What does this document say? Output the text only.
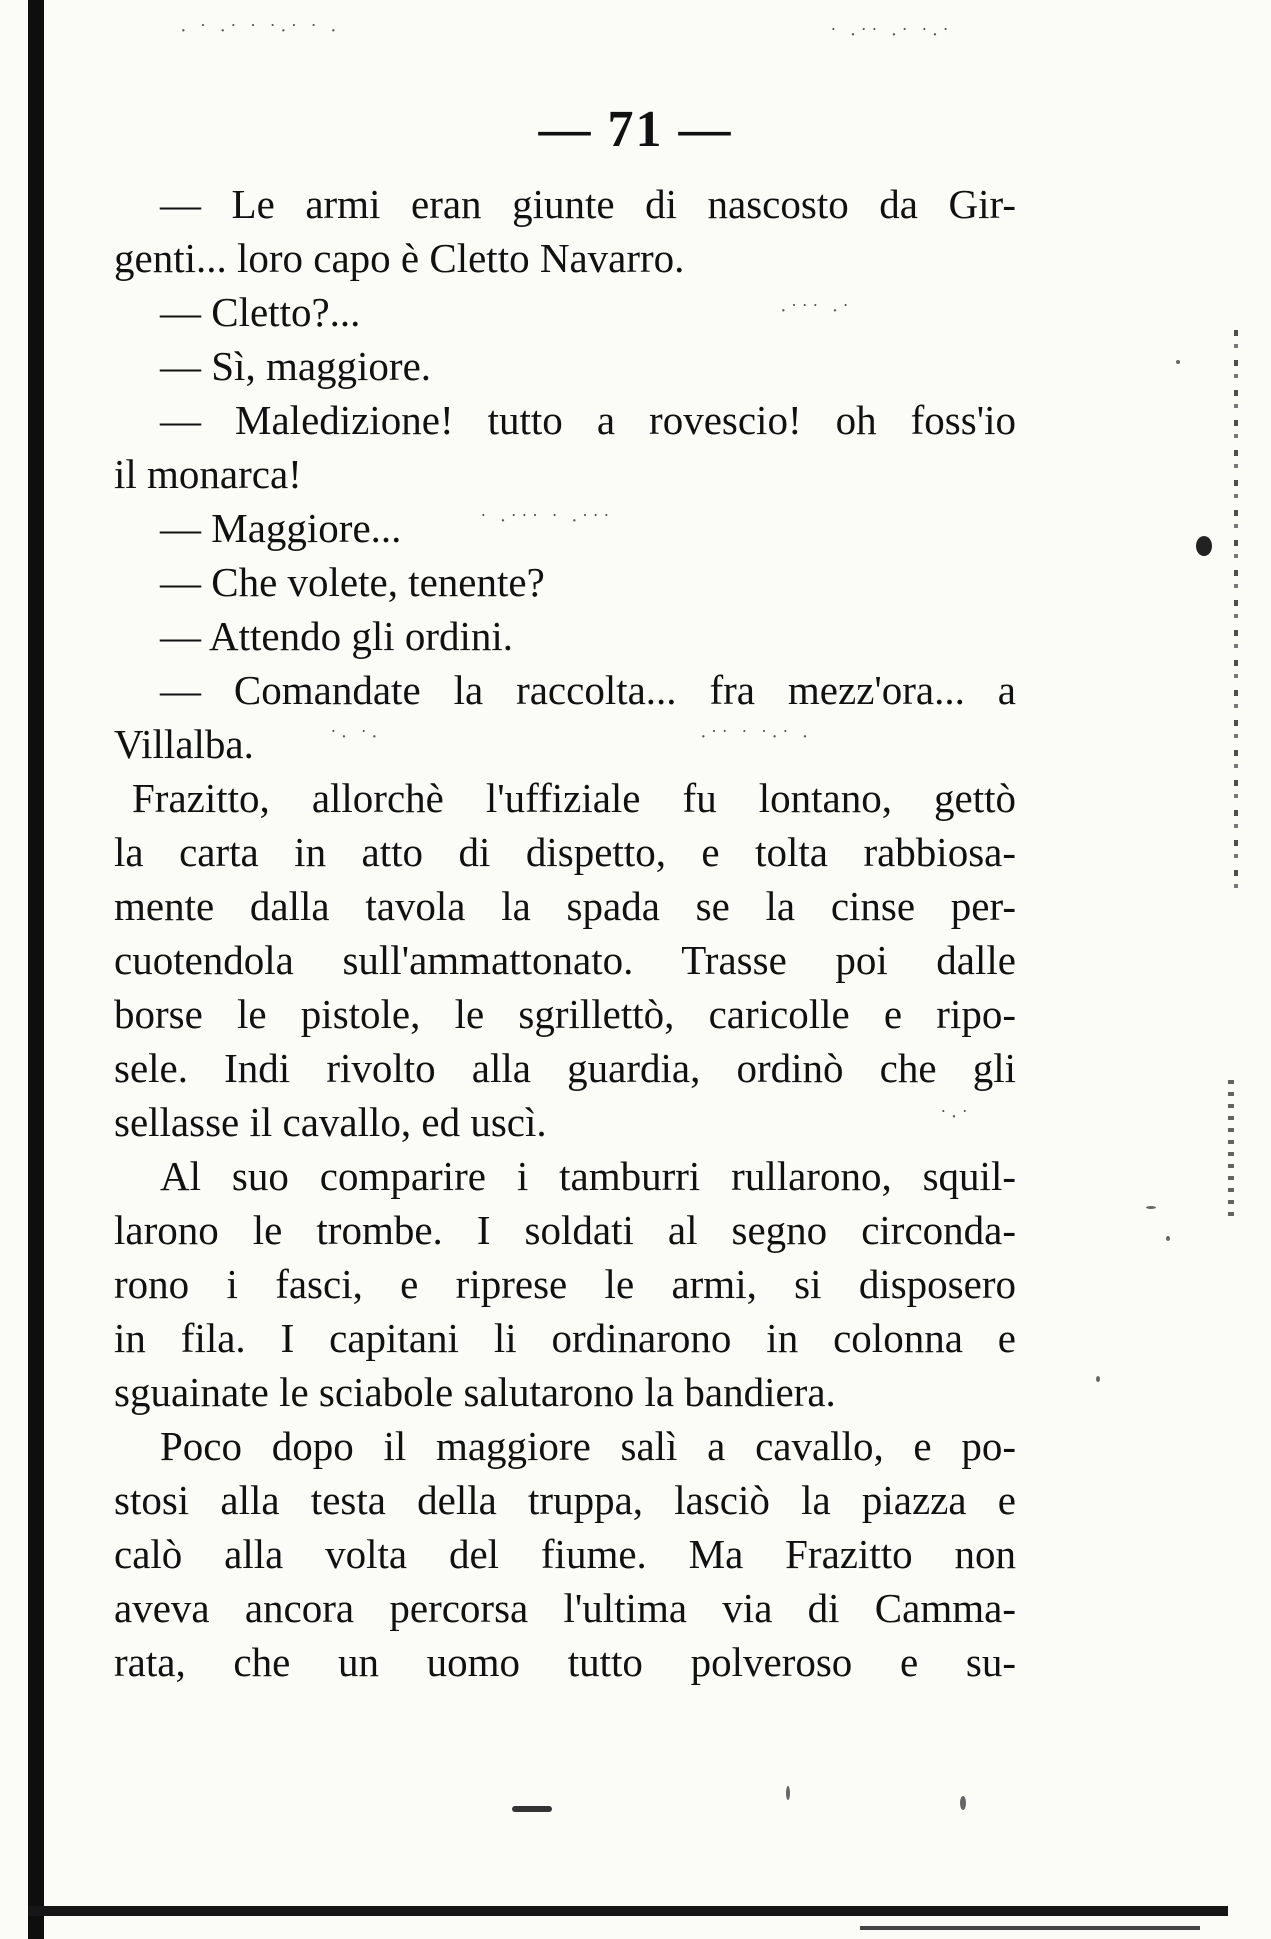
· ˙ ·˙ ˙ ˙·˙ ˙ ·	˙ ·˙˙ ·˙ ˙·˙
·˙˙˙ ·˙
˙ ·˙˙˙ ˙ ·˙˙˙
˙· ˙·	·˙˙ ˙ ˙·˙ ·
˙·˙
— 71 —
— Le armi eran giunte di nascosto da Gir-
genti... loro capo è Cletto Navarro.
— Cletto?...
— Sì, maggiore.
— Maledizione! tutto a rovescio! oh foss'io
il monarca!
— Maggiore...
— Che volete, tenente?
— Attendo gli ordini.
— Comandate la raccolta... fra mezz'ora... a
Villalba.
Frazitto, allorchè l'uffiziale fu lontano, gettò
la carta in atto di dispetto, e tolta rabbiosa-
mente dalla tavola la spada se la cinse per-
cuotendola sull'ammattonato. Trasse poi dalle
borse le pistole, le sgrillettò, caricolle e ripo-
sele. Indi rivolto alla guardia, ordinò che gli
sellasse il cavallo, ed uscì.
Al suo comparire i tamburri rullarono, squil-
larono le trombe. I soldati al segno circonda-
rono i fasci, e riprese le armi, si disposero
in fila. I capitani li ordinarono in colonna e
sguainate le sciabole salutarono la bandiera.
Poco dopo il maggiore salì a cavallo, e po-
stosi alla testa della truppa, lasciò la piazza e
calò alla volta del fiume. Ma Frazitto non
aveva ancora percorsa l'ultima via di Camma-
rata, che un uomo tutto polveroso e su-
